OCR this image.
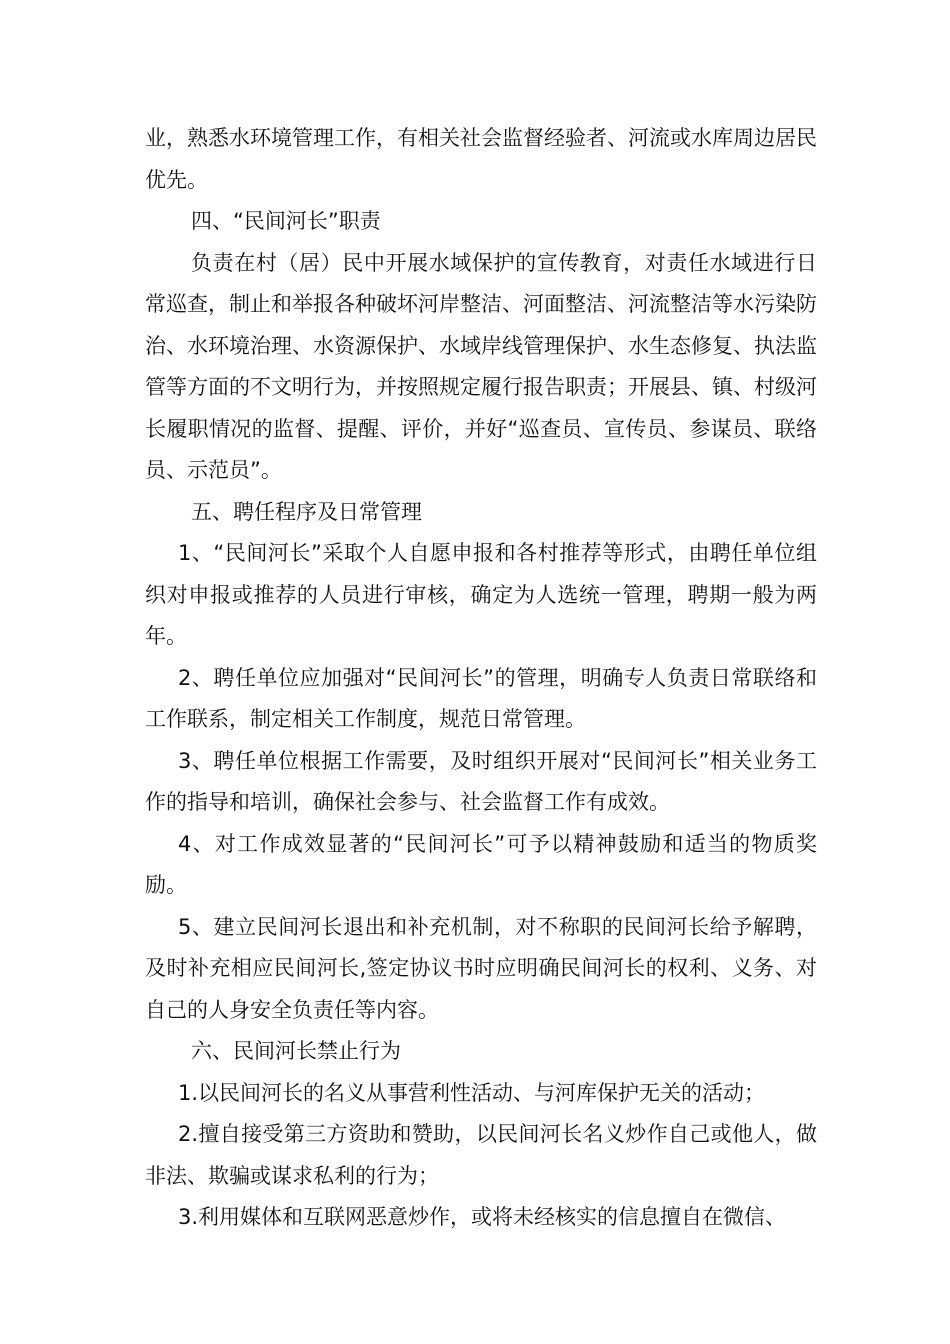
业，熟悉水环境管理工作，有相关社会监督经验者、河流或水库周边居民优先。

四、“民间河长”职责

负责在村（居）民中开展水域保护的宣传教育，对责任水域进行日常巡查，制止和举报各种破坏河岸整洁、河面整洁、河流整洁等水污染防治、水环境治理、水资源保护、水域岸线管理保护、水生态修复、执法监管等方面的不文明行为，并按照规定履行报告职责；开展县、镇、村级河长履职情况的监督、提醒、评价，并好“巡查员、宣传员、参谋员、联络员、示范员”。

五、聘任程序及日常管理

1、“民间河长”采取个人自愿申报和各村推荐等形式，由聘任单位组织对申报或推荐的人员进行审核，确定为人选统一管理，聘期一般为两年。

2、聘任单位应加强对“民间河长”的管理，明确专人负责日常联络和工作联系，制定相关工作制度，规范日常管理。

3、聘任单位根据工作需要，及时组织开展对“民间河长”相关业务工作的指导和培训，确保社会参与、社会监督工作有成效。

4、对工作成效显著的“民间河长”可予以精神鼓励和适当的物质奖励。

5、建立民间河长退出和补充机制，对不称职的民间河长给予解聘，及时补充相应民间河长,签定协议书时应明确民间河长的权利、义务、对自己的人身安全负责任等内容。

六、民间河长禁止行为

1.以民间河长的名义从事营利性活动、与河库保护无关的活动；

2.擅自接受第三方资助和赞助，以民间河长名义炒作自己或他人，做非法、欺骗或谋求私利的行为；

3.利用媒体和互联网恶意炒作，或将未经核实的信息擅自在微信、
